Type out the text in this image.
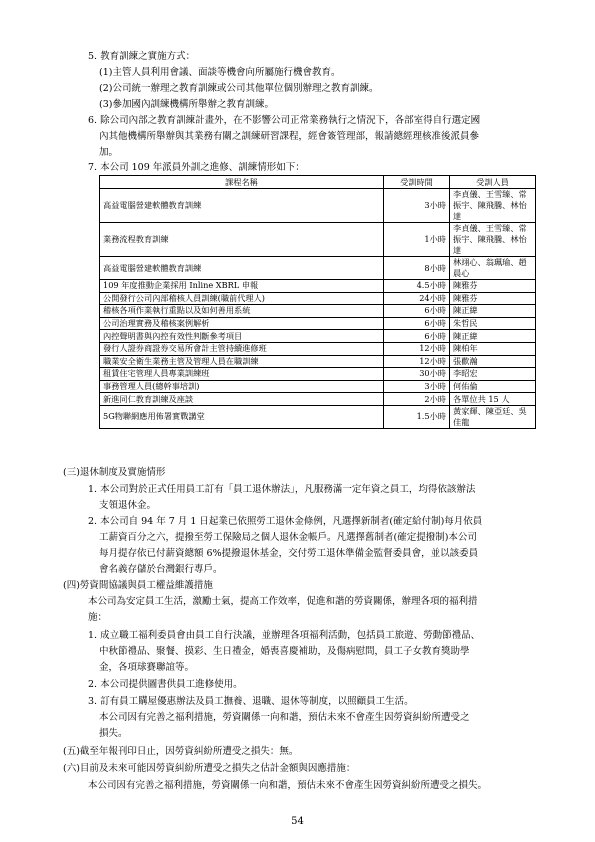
5. 教育訓練之實施方式：
(1)主管人員利用會議、面談等機會向所屬施行機會教育。
(2)公司統一辦理之教育訓練或公司其他單位個別辦理之教育訓練。
(3)參加國內訓練機構所舉辦之教育訓練。
6. 除公司內部之教育訓練計畫外，在不影響公司正常業務執行之情況下，各部室得自行選定國
內其他機構所舉辦與其業務有關之訓練研習課程，經會簽管理部，報請總經理核准後派員參
加。
7. 本公司 109 年派員外訓之進修、訓練情形如下：
課程名稱	受訓時間	受訓人員
高益電腦營建軟體教育訓練	3小時	李貞儀、王雪臻、常振宇、陳飛騰、林怡達
業務流程教育訓練	1小時	李貞儀、王雪臻、常振宇、陳飛騰、林怡達
高益電腦營建軟體教育訓練	8小時	林翊心、翁珮瑜、趙晨心
109 年度推動企業採用 Inline XBRL 申報	4.5小時	陳雅芬
公開發行公司內部稽核人員訓練(職前代理人)	24小時	陳雅芬
稽核各項作業執行重點以及如何善用系統	6小時	陳正緯
公司治理實務及稽核案例解析	6小時	朱哲民
內控聲明書與內控有效性判斷參考項目	6小時	陳正緯
發行人證券商證券交易所會計主管持續進修班	12小時	陳柏年
職業安全衛生業務主管及管理人員在職訓練	12小時	張歡瀚
租賃住宅管理人員專業訓練班	30小時	李昭宏
事務管理人員(總幹事培訓)	3小時	何佑倫
新進同仁教育訓練及座談	2小時	各單位共 15 人
5G物聯網應用佈署實戰講堂	1.5小時	黃家輝、陳亞廷、吳佳龍
(三)退休制度及實施情形
1. 本公司對於正式任用員工訂有「員工退休辦法」，凡服務滿一定年資之員工，均得依該辦法
支領退休金。
2. 本公司自 94 年 7 月 1 日起業已依照勞工退休金條例，凡選擇新制者(確定給付制)每月依員
工薪資百分之六，提撥至勞工保險局之個人退休金帳戶。凡選擇舊制者(確定提撥制)本公司
每月提存依已付薪資總額 6%提撥退休基金，交付勞工退休準備金監督委員會，並以該委員
會名義存儲於台灣銀行專戶。
(四)勞資間協議與員工權益維護措施
本公司為安定員工生活，激勵士氣，提高工作效率，促進和諧的勞資關係，辦理各項的福利措
施：
1. 成立職工福利委員會由員工自行決議，並辦理各項福利活動，包括員工旅遊、勞動節禮品、
中秋節禮品、聚餐、摸彩、生日禮金，婚喪喜慶補助，及傷病慰問，員工子女教育獎助學
金，各項球賽聯誼等。
2. 本公司提供圖書供員工進修使用。
3. 訂有員工購屋優惠辦法及員工撫養、退職、退休等制度，以照顧員工生活。
本公司因有完善之福利措施，勞資關係一向和諧，預估未來不會產生因勞資糾紛所遭受之
損失。
(五)截至年報刊印日止，因勞資糾紛所遭受之損失：無。
(六)目前及未來可能因勞資糾紛所遭受之損失之估計金額與因應措施：
本公司因有完善之福利措施，勞資關係一向和諧，預估未來不會產生因勞資糾紛所遭受之損失。
54
